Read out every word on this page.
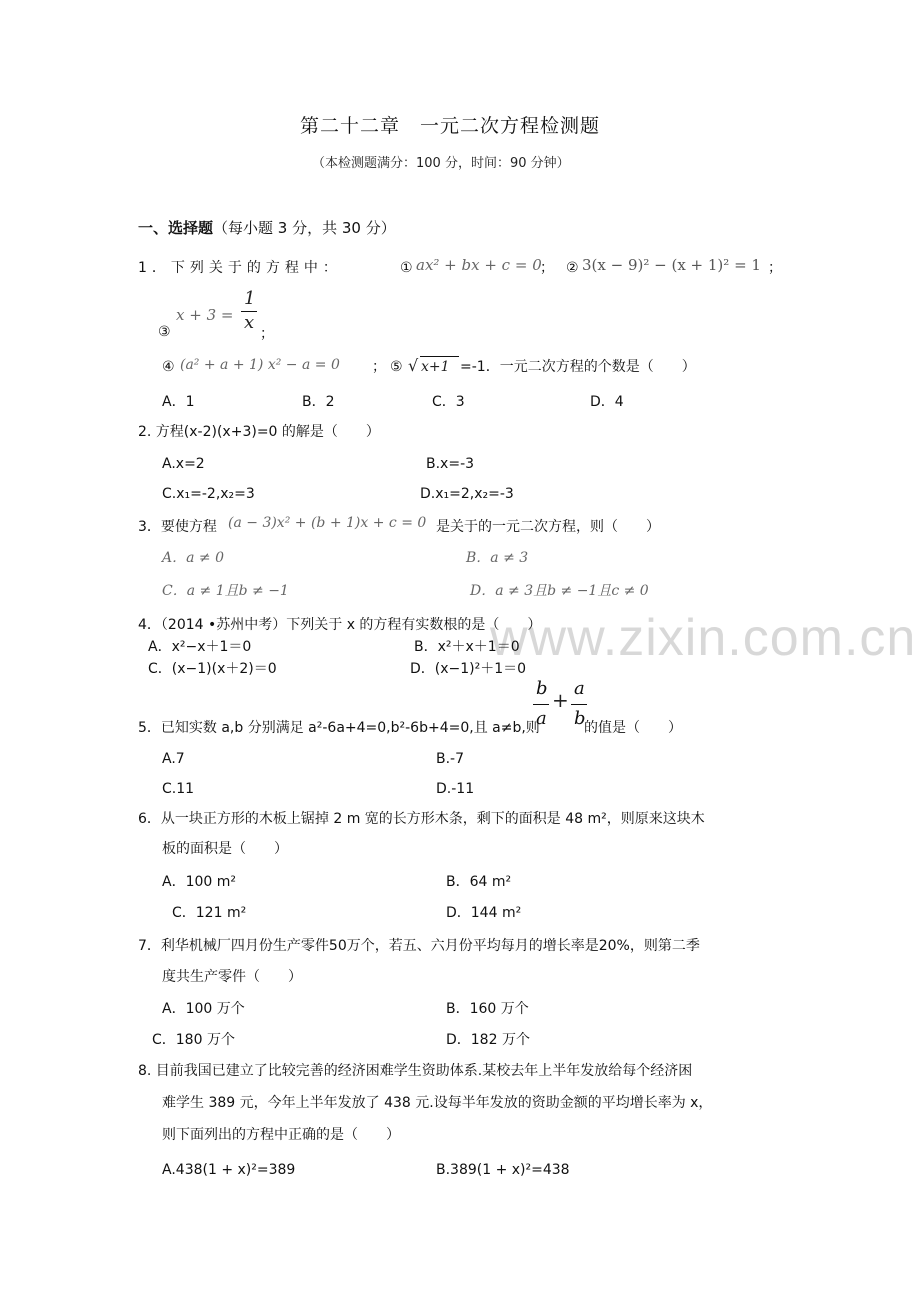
www.zixin.com.cn
第二十二章　一元二次方程检测题
（本检测题满分：100 分，时间：90 分钟）
一、选择题（每小题 3 分，共 30 分）
1．下列关于的方程中：	① ax² + bx + c = 0
； ② 3(x − 9)² − (x + 1)² = 1 ；
③
x + 3 =
1
x
；
④ (a² + a + 1) x² − a = 0 ； ⑤ √ x+1 =-1．一元二次方程的个数是（　　）
A．1	B．2	C．3	D．4
2. 方程(x-2)(x+3)=0 的解是（　　）
A.x=2	B.x=-3
C.x₁=-2,x₂=3	D.x₁=2,x₂=-3
3．要使方程 (a − 3)x² + (b + 1)x + c = 0 是关于的一元二次方程，则（　　）
A．a ≠ 0	B．a ≠ 3
C．a ≠ 1且b ≠ −1	D．a ≠ 3且b ≠ −1且c ≠ 0
4．（2014 •苏州中考）下列关于 x 的方程有实数根的是（　　）
A．x²−x＋1＝0	B．x²＋x＋1＝0
C．(x−1)(x＋2)＝0	D．(x−1)²＋1＝0
5．已知实数 a,b 分别满足 a²-6a+4=0,b²-6b+4=0,且 a≠b,则
b
a
+ a
b
的值是（　　）
A.7	B.-7
C.11	D.-11
6．从一块正方形的木板上锯掉 2 m 宽的长方形木条，剩下的面积是 48 m²，则原来这块木
板的面积是（　　）
A．100 m²	B．64 m²
C．121 m²	D．144 m²
7．利华机械厂四月份生产零件50万个，若五、六月份平均每月的增长率是20%，则第二季
度共生产零件（　　）
A．100 万个	B．160 万个
C．180 万个	D．182 万个
8. 目前我国已建立了比较完善的经济困难学生资助体系.某校去年上半年发放给每个经济困
难学生 389 元，今年上半年发放了 438 元.设每半年发放的资助金额的平均增长率为 x，
则下面列出的方程中正确的是（　　）
A.438(1 + x)²=389	B.389(1 + x)²=438
